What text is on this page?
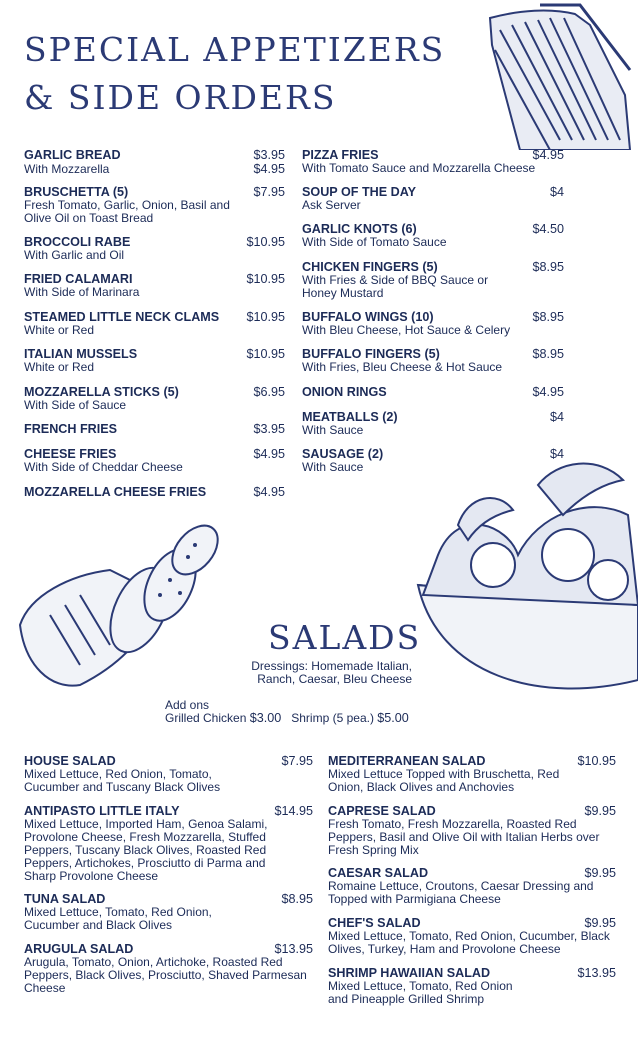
SPECIAL APPETIZERS
& SIDE ORDERS
GARLIC BREAD	$3.95
With Mozzarella	$4.95
BRUSCHETTA (5)	$7.95
Fresh Tomato, Garlic, Onion, Basil and Olive Oil on Toast Bread
BROCCOLI RABE	$10.95
With Garlic and Oil
FRIED CALAMARI	$10.95
With Side of Marinara
STEAMED LITTLE NECK CLAMS $10.95
White or Red
ITALIAN MUSSELS	$10.95
White or Red
MOZZARELLA STICKS (5)	$6.95
With Side of Sauce
FRENCH FRIES	$3.95
CHEESE FRIES	$4.95
With Side of Cheddar Cheese
MOZZARELLA CHEESE FRIES	$4.95
PIZZA FRIES	$4.95
With Tomato Sauce and Mozzarella Cheese
SOUP OF THE DAY	$4
Ask Server
GARLIC KNOTS (6)	$4.50
With Side of Tomato Sauce
CHICKEN FINGERS (5)	$8.95
With Fries & Side of BBQ Sauce or Honey Mustard
BUFFALO WINGS (10)	$8.95
With Bleu Cheese, Hot Sauce & Celery
BUFFALO FINGERS (5)	$8.95
With Fries, Bleu Cheese & Hot Sauce
ONION RINGS	$4.95
MEATBALLS (2)	$4
With Sauce
SAUSAGE (2)	$4
With Sauce
SALADS
Dressings: Homemade Italian,
Ranch, Caesar, Bleu Cheese
Add ons
Grilled Chicken $3.00 Shrimp (5 pea.) $5.00
HOUSE SALAD	$7.95
Mixed Lettuce, Red Onion, Tomato, Cucumber and Tuscany Black Olives
ANTIPASTO LITTLE ITALY	$14.95
Mixed Lettuce, Imported Ham, Genoa Salami, Provolone Cheese, Fresh Mozzarella, Stuffed Peppers, Tuscany Black Olives, Roasted Red Peppers, Artichokes, Prosciutto di Parma and Sharp Provolone Cheese
TUNA SALAD	$8.95
Mixed Lettuce, Tomato, Red Onion, Cucumber and Black Olives
ARUGULA SALAD	$13.95
Arugula, Tomato, Onion, Artichoke, Roasted Red Peppers, Black Olives, Prosciutto, Shaved Parmesan Cheese
MEDITERRANEAN SALAD	$10.95
Mixed Lettuce Topped with Bruschetta, Red Onion, Black Olives and Anchovies
CAPRESE SALAD	$9.95
Fresh Tomato, Fresh Mozzarella, Roasted Red Peppers, Basil and Olive Oil with Italian Herbs over Fresh Spring Mix
CAESAR SALAD	$9.95
Romaine Lettuce, Croutons, Caesar Dressing and Topped with Parmigiana Cheese
CHEF'S SALAD	$9.95
Mixed Lettuce, Tomato, Red Onion, Cucumber, Black Olives, Turkey, Ham and Provolone Cheese
SHRIMP HAWAIIAN SALAD	$13.95
Mixed Lettuce, Tomato, Red Onion and Pineapple Grilled Shrimp
